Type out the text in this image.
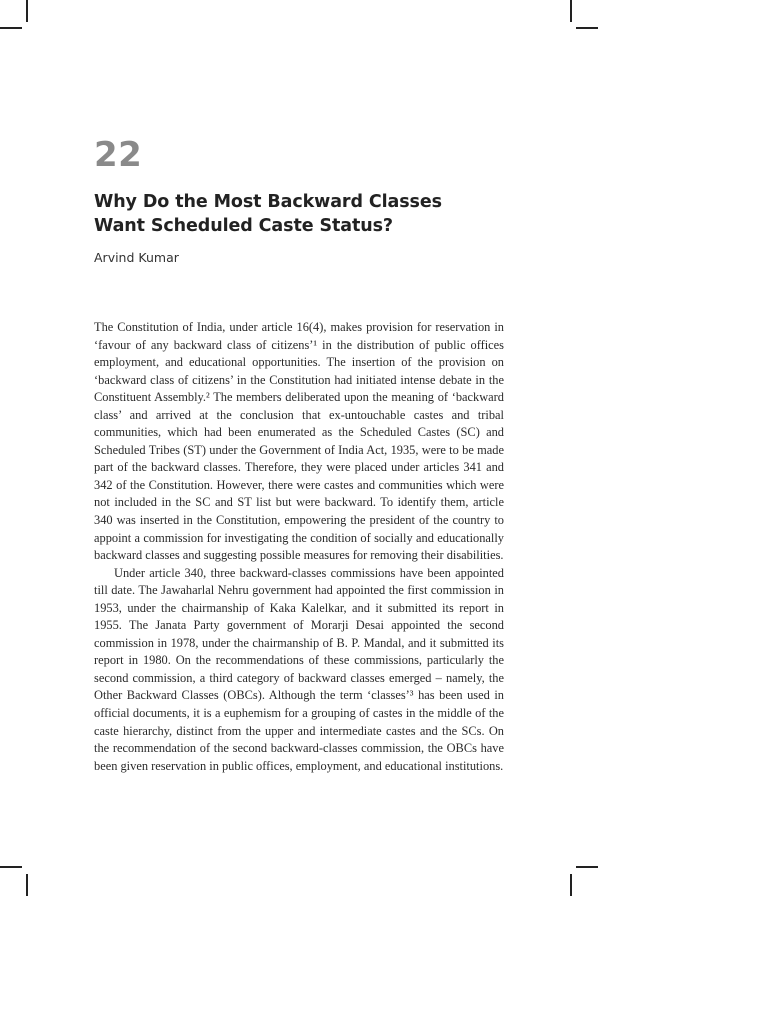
22
Why Do the Most Backward Classes
Want Scheduled Caste Status?
Arvind Kumar

The Constitution of India, under article 16(4), makes provision for reservation in ‘favour of any backward class of citizens’¹ in the distribution of public offices employment, and educational opportunities. The insertion of the provision on ‘backward class of citizens’ in the Constitution had initiated intense debate in the Constituent Assembly.² The members deliberated upon the meaning of ‘backward class’ and arrived at the conclusion that ex-untouchable castes and tribal communities, which had been enumerated as the Scheduled Castes (SC) and Scheduled Tribes (ST) under the Government of India Act, 1935, were to be made part of the backward classes. Therefore, they were placed under articles 341 and 342 of the Constitution. However, there were castes and communities which were not included in the SC and ST list but were backward. To identify them, article 340 was inserted in the Constitution, empowering the president of the country to appoint a commission for investigating the condition of socially and educationally backward classes and suggesting possible measures for removing their disabilities.

Under article 340, three backward-classes commissions have been appointed till date. The Jawaharlal Nehru government had appointed the first commission in 1953, under the chairmanship of Kaka Kalelkar, and it submitted its report in 1955. The Janata Party government of Morarji Desai appointed the second commission in 1978, under the chairmanship of B. P. Mandal, and it submitted its report in 1980. On the recommendations of these commissions, particularly the second commission, a third category of backward classes emerged – namely, the Other Backward Classes (OBCs). Although the term ‘classes’³ has been used in official documents, it is a euphemism for a grouping of castes in the middle of the caste hierarchy, distinct from the upper and intermediate castes and the SCs. On the recommendation of the second backward-classes commission, the OBCs have been given reservation in public offices, employment, and educational institutions.
